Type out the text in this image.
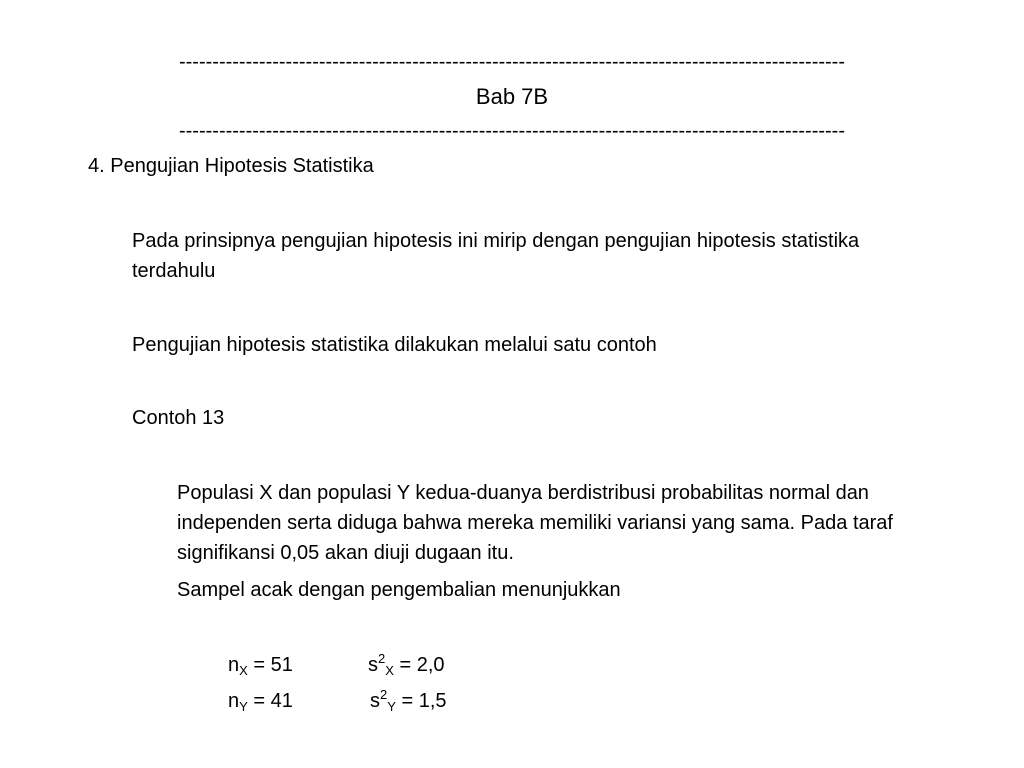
----------------------------------------------------------------------------------------------------
Bab 7B
----------------------------------------------------------------------------------------------------
4. Pengujian Hipotesis Statistika
Pada prinsipnya pengujian hipotesis ini mirip dengan pengujian hipotesis statistika terdahulu
Pengujian hipotesis statistika dilakukan melalui satu contoh
Contoh 13
Populasi X dan populasi Y kedua-duanya berdistribusi probabilitas normal dan independen serta diduga bahwa mereka memiliki variansi yang sama. Pada taraf signifikansi 0,05 akan diuji dugaan itu.
Sampel acak dengan pengembalian menunjukkan
$n_X = 51$	$s^2_X = 2,0$
$n_Y = 41$	$s^2_Y = 1,5$
